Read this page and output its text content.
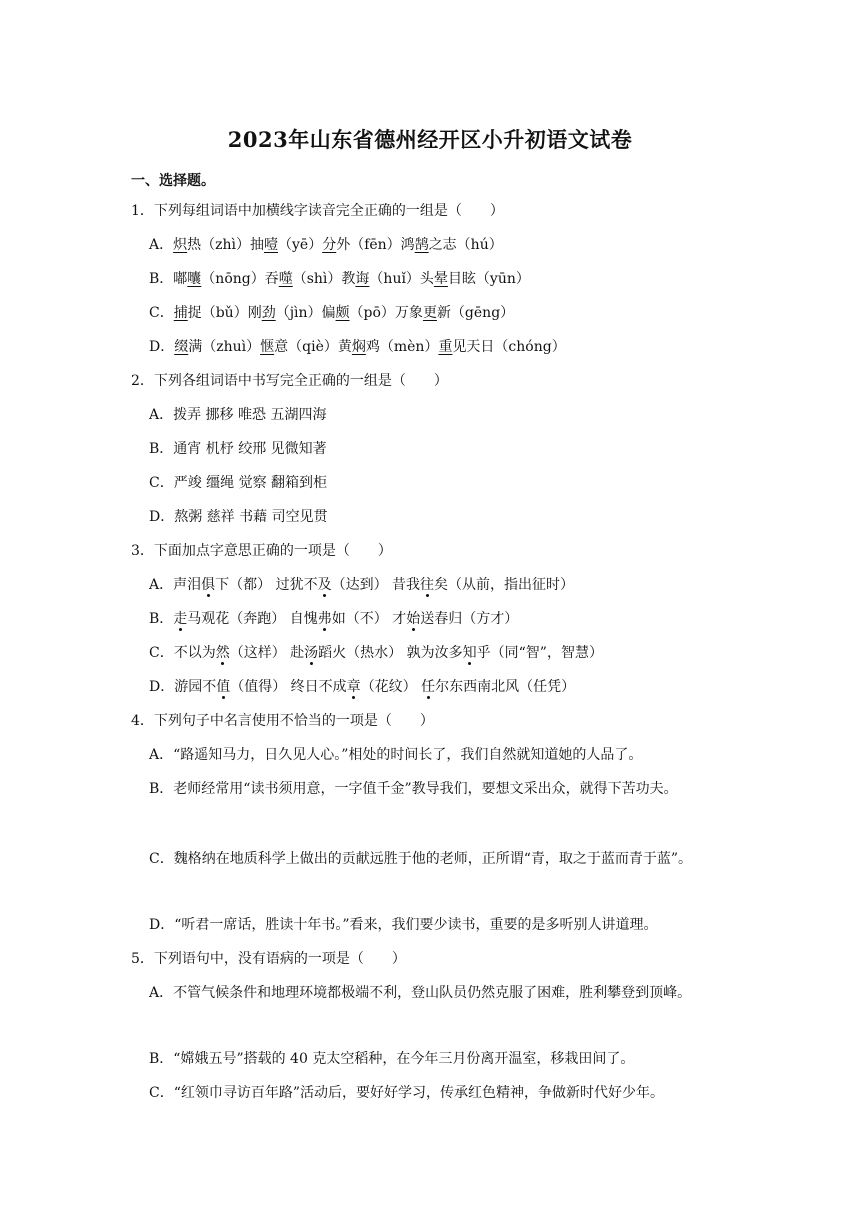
2023年山东省德州经开区小升初语文试卷
一、选择题。
1．下列每组词语中加横线字读音完全正确的一组是（　　）
A．炽热（zhì）抽噎（yē）分外（fēn）鸿鹄之志（hú）
B．嘟囔（nōng）吞噬（shì）教诲（huǐ）头晕目眩（yūn）
C．捕捉（bǔ）刚劲（jìn）偏颇（pō）万象更新（gēng）
D．缀满（zhuì）惬意（qiè）黄焖鸡（mèn）重见天日（chóng）
2．下列各组词语中书写完全正确的一组是（　　）
A．拨弄 挪移 唯恐 五湖四海
B．通宵 机杼 绞邢 见微知著
C．严竣 缰绳 觉察 翻箱到柜
D．熬粥 慈祥 书藉 司空见贯
3．下面加点字意思正确的一项是（　　）
A．声泪俱下（都） 过犹不及（达到） 昔我往矣（从前，指出征时）
B．走马观花（奔跑） 自愧弗如（不） 才始送春归（方才）
C．不以为然（这样） 赴汤蹈火（热水） 孰为汝多知乎（同“智”，智慧）
D．游园不值（值得） 终日不成章（花纹） 任尔东西南北风（任凭）
4．下列句子中名言使用不恰当的一项是（　　）
A．“路遥知马力，日久见人心。”相处的时间长了，我们自然就知道她的人品了。
B．老师经常用“读书须用意，一字值千金”教导我们，要想文采出众，就得下苦功夫。
C．魏格纳在地质科学上做出的贡献远胜于他的老师，正所谓“青，取之于蓝而青于蓝”。
D．“听君一席话，胜读十年书。”看来，我们要少读书，重要的是多听别人讲道理。
5．下列语句中，没有语病的一项是（　　）
A．不管气候条件和地理环境都极端不利，登山队员仍然克服了困难，胜利攀登到顶峰。
B．“嫦娥五号”搭载的 40 克太空稻种，在今年三月份离开温室，移栽田间了。
C．“红领巾寻访百年路”活动后，要好好学习，传承红色精神，争做新时代好少年。
